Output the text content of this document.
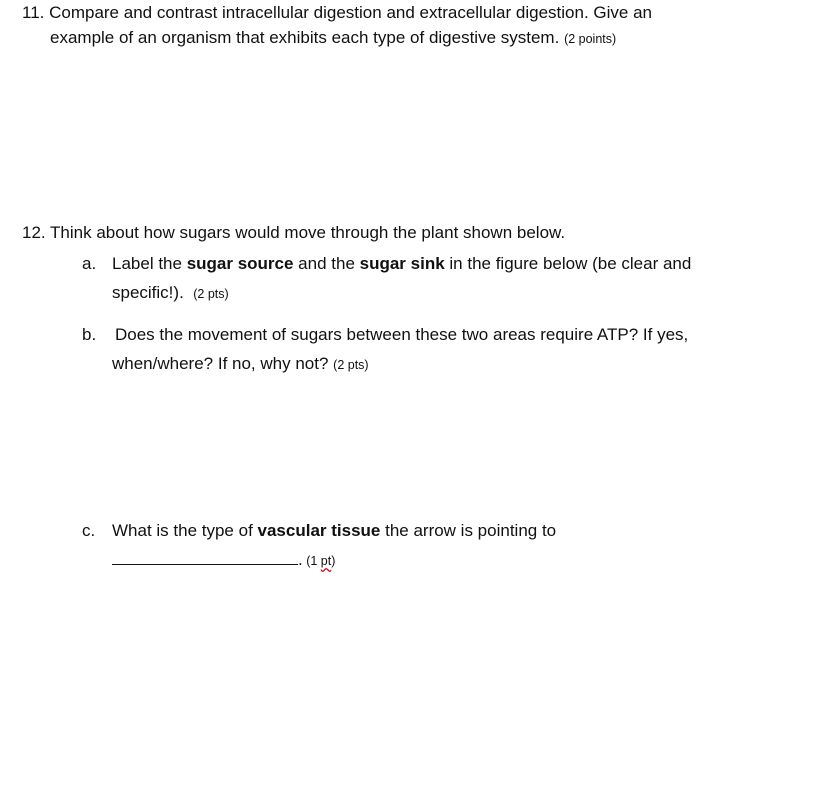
11. Compare and contrast intracellular digestion and extracellular digestion. Give an
example of an organism that exhibits each type of digestive system. (2 points)
12. Think about how sugars would move through the plant shown below.
a. Label the sugar source and the sugar sink in the figure below (be clear and
specific!). (2 pts)
b. Does the movement of sugars between these two areas require ATP? If yes,
when/where? If no, why not? (2 pts)
c. What is the type of vascular tissue the arrow is pointing to
. (1 pt)
